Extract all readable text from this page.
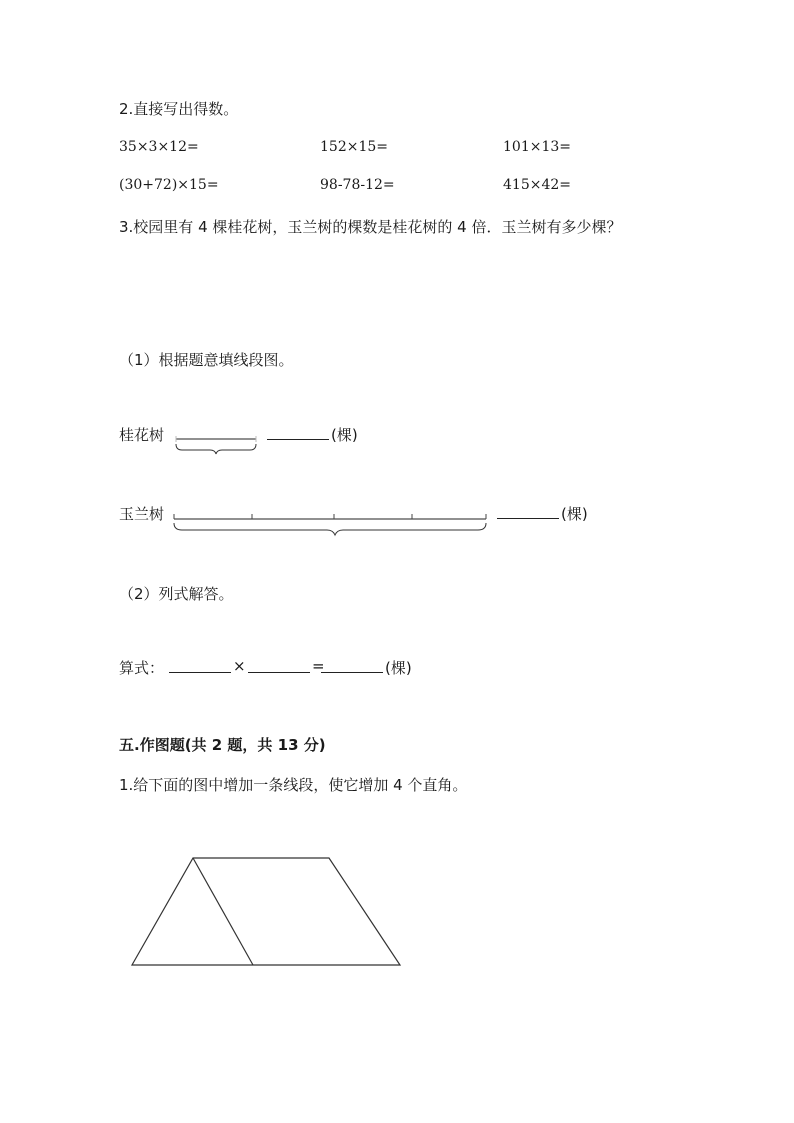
2.直接写出得数。
35×3×12=	152×15=	101×13=
(30+72)×15=	98-78-12=	415×42=
3.校园里有 4 棵桂花树，玉兰树的棵数是桂花树的 4 倍．玉兰树有多少棵？
（1）根据题意填线段图。
桂花树	(棵)
玉兰树	(棵)
（2）列式解答。
算式：	×	=	(棵)
五.作图题(共 2 题，共 13 分)
1.给下面的图中增加一条线段，使它增加 4 个直角。
